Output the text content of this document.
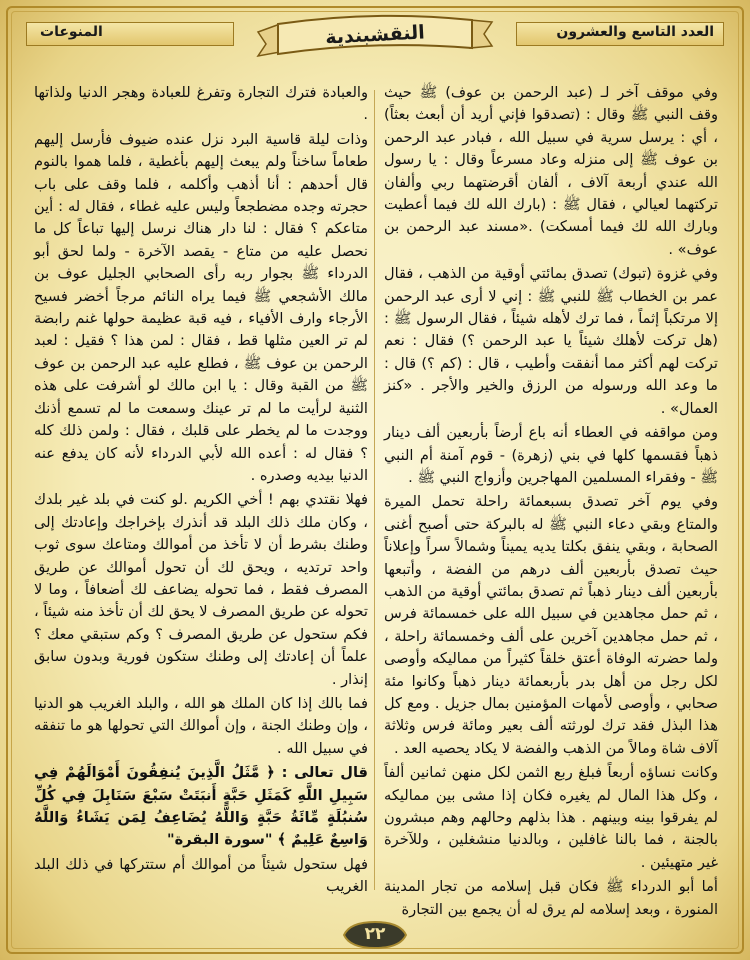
العدد التاسع والعشرون
المنوعات	النقشبندية

وفي موقف آخر لـ (عبد الرحمن بن عوف) ﷺ حيث وقف النبي ﷺ وقال : (تصدقوا فإني أريد أن أبعث بعثاً) ، أي : يرسل سرية في سبيل الله ، فبادر عبد الرحمن بن عوف ﷺ إلى منزله وعاد مسرعاً وقال : يا رسول الله عندي أربعة آلاف ، ألفان أقرضتهما ربي وألفان تركتهما لعيالي ، فقال ﷺ : (بارك الله لك فيما أعطيت وبارك الله لك فيما أمسكت) .«مسند عبد الرحمن بن عوف» .

وفي غزوة (تبوك) تصدق بمائتي أوقية من الذهب ، فقال عمر بن الخطاب ﷺ للنبي ﷺ : إني لا أرى عبد الرحمن إلا مرتكباً إثماً ، فما ترك لأهله شيئاً ، فقال الرسول ﷺ : (هل تركت لأهلك شيئاً يا عبد الرحمن ؟) فقال : نعم تركت لهم أكثر مما أنفقت وأطيب ، قال : (كم ؟) قال : ما وعد الله ورسوله من الرزق والخير والأجر . «كنز العمال» .

ومن مواقفه في العطاء أنه باع أرضاً بأربعين ألف دينار ذهباً فقسمها كلها في بني (زهرة) - قوم آمنة أم النبي ﷺ - وفقراء المسلمين المهاجرين وأزواج النبي ﷺ .

وفي يوم آخر تصدق بسبعمائة راحلة تحمل الميرة والمتاع وبقي دعاء النبي ﷺ له بالبركة حتى أصبح أغنى الصحابة ، وبقي ينفق بكلتا يديه يميناً وشمالاً سراً وإعلاناً حيث تصدق بأربعين ألف درهم من الفضة ، وأتبعها بأربعين ألف دينار ذهباً ثم تصدق بمائتي أوقية من الذهب ، ثم حمل مجاهدين في سبيل الله على خمسمائة فرس ، ثم حمل مجاهدين آخرين على ألف وخمسمائة راحلة ، ولما حضرته الوفاة أعتق خلقاً كثيراً من مماليكه وأوصى لكل رجل من أهل بدر بأربعمائة دينار ذهباً وكانوا مئة صحابي ، وأوصى لأمهات المؤمنين بمال جزيل . ومع كل هذا البذل فقد ترك لورثته ألف بعير ومائة فرس وثلاثة آلاف شاة ومالاً من الذهب والفضة لا يكاد يحصيه العد .

وكانت نساؤه أربعاً فبلغ ربع الثمن لكل منهن ثمانين ألفاً ، وكل هذا المال لم يغيره فكان إذا مشى بين مماليكه لم يفرقوا بينه وبينهم . هذا بذلهم وحالهم وهم مبشرون بالجنة ، فما بالنا غافلين ، وبالدنيا منشغلين ، وللآخرة غير متهيئين .

أما أبو الدرداء ﷺ فكان قبل إسلامه من تجار المدينة المنورة ، وبعد إسلامه لم يرق له أن يجمع بين التجارة

والعبادة فترك التجارة وتفرغ للعبادة وهجر الدنيا ولذاتها .

وذات ليلة قاسية البرد نزل عنده ضيوف فأرسل إليهم طعاماً ساخناً ولم يبعث إليهم بأغطية ، فلما هموا بالنوم قال أحدهم : أنا أذهب وأكلمه ، فلما وقف على باب حجرته وجده مضطجعاً وليس عليه غطاء ، فقال له : أين متاعكم ؟ فقال : لنا دار هناك نرسل إليها تباعاً كل ما نحصل عليه من متاع - يقصد الآخرة - ولما لحق أبو الدرداء ﷺ بجوار ربه رأى الصحابي الجليل عوف بن مالك الأشجعي ﷺ فيما يراه النائم مرجاً أخضر فسيح الأرجاء وارف الأفياء ، فيه قبة عظيمة حولها غنم رابضة لم تر العين مثلها قط ، فقال : لمن هذا ؟ فقيل : لعبد الرحمن بن عوف ﷺ ، فطلع عليه عبد الرحمن بن عوف ﷺ من القبة وقال : يا ابن مالك لو أشرفت على هذه الثنية لرأيت ما لم تر عينك وسمعت ما لم تسمع أذنك ووجدت ما لم يخطر على قلبك ، فقال : ولمن ذلك كله ؟ فقال له : أعده الله لأبي الدرداء لأنه كان يدفع عنه الدنيا بيديه وصدره .

فهلا نقتدي بهم ! أخي الكريم .لو كنت في بلد غير بلدك ، وكان ملك ذلك البلد قد أنذرك بإخراجك وإعادتك إلى وطنك بشرط أن لا تأخذ من أموالك ومتاعك سوى ثوب واحد ترتديه ، ويحق لك أن تحول أموالك عن طريق المصرف فقط ، فما تحوله يضاعف لك أضعافاً ، وما لا تحوله عن طريق المصرف لا يحق لك أن تأخذ منه شيئاً ، فكم ستحول عن طريق المصرف ؟ وكم ستبقي معك ؟ علماً أن إعادتك إلى وطنك ستكون فورية وبدون سابق إنذار .

فما بالك إذا كان الملك هو الله ، والبلد الغريب هو الدنيا ، وإن وطنك الجنة ، وإن أموالك التي تحولها هو ما تنفقه في سبيل الله .

قال تعالى : ﴿ مَّثَلُ الَّذِينَ يُنفِقُونَ أَمْوَالَهُمْ فِي سَبِيلِ اللَّهِ كَمَثَلِ حَبَّةٍ أَنبَتَتْ سَبْعَ سَنَابِلَ فِي كُلِّ سُنبُلَةٍ مِّائَةُ حَبَّةٍ وَاللَّهُ يُضَاعِفُ لِمَن يَشَاءُ وَاللَّهُ وَاسِعٌ عَلِيمٌ ﴾ "سورة البقرة"

فهل ستحول شيئاً من أموالك أم ستتركها في ذلك البلد الغريب

٢٢
